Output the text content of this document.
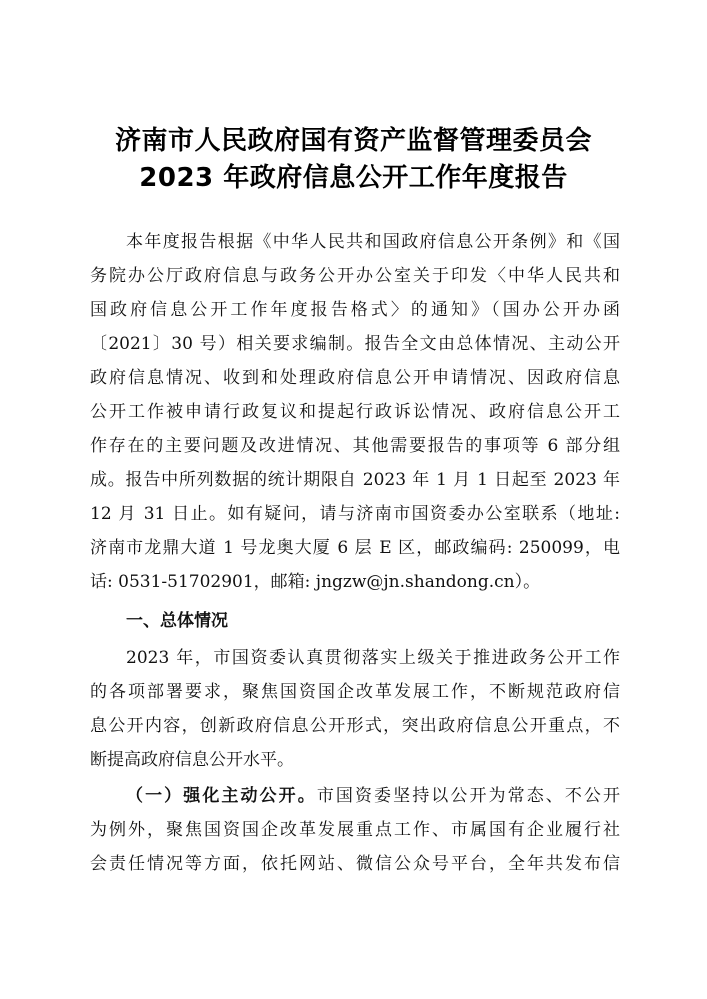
济南市人民政府国有资产监督管理委员会
2023 年政府信息公开工作年度报告
本年度报告根据《中华人民共和国政府信息公开条例》和《国
务院办公厅政府信息与政务公开办公室关于印发〈中华人民共和
国政府信息公开工作年度报告格式〉的通知》（国办公开办函
〔2021〕30 号）相关要求编制。报告全文由总体情况、主动公开
政府信息情况、收到和处理政府信息公开申请情况、因政府信息
公开工作被申请行政复议和提起行政诉讼情况、政府信息公开工
作存在的主要问题及改进情况、其他需要报告的事项等 6 部分组
成。报告中所列数据的统计期限自 2023 年 1 月 1 日起至 2023 年
12 月 31 日止。如有疑问，请与济南市国资委办公室联系（地址:
济南市龙鼎大道 1 号龙奥大厦 6 层 E 区，邮政编码: 250099，电
话: 0531-51702901，邮箱: jngzw@jn.shandong.cn）。
一、总体情况
2023 年，市国资委认真贯彻落实上级关于推进政务公开工作
的各项部署要求，聚焦国资国企改革发展工作，不断规范政府信
息公开内容，创新政府信息公开形式，突出政府信息公开重点，不
断提高政府信息公开水平。
（一）强化主动公开。市国资委坚持以公开为常态、不公开
为例外，聚焦国资国企改革发展重点工作、市属国有企业履行社
会责任情况等方面，依托网站、微信公众号平台，全年共发布信
